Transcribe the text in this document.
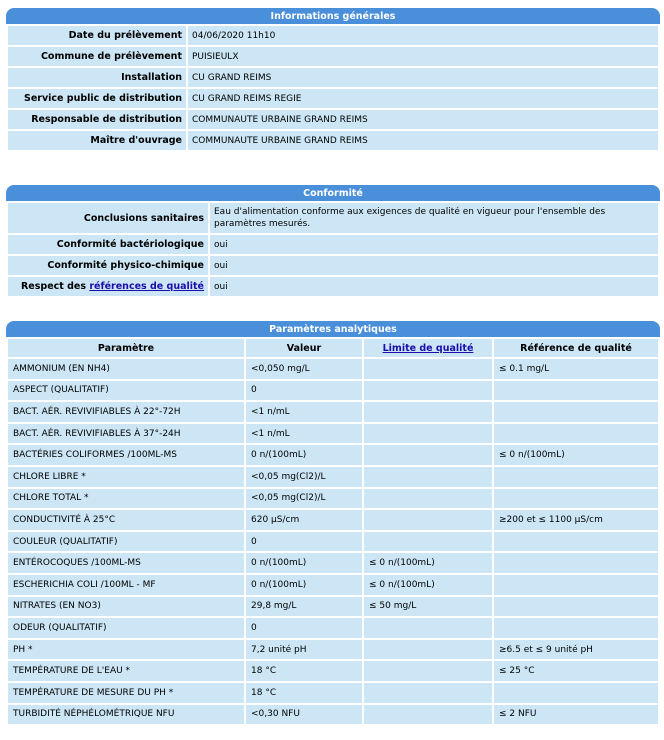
Informations générales
Date du prélèvement	04/06/2020 11h10
Commune de prélèvement	PUISIEULX
Installation	CU GRAND REIMS
Service public de distribution	CU GRAND REIMS REGIE
Responsable de distribution	COMMUNAUTE URBAINE GRAND REIMS
Maître d'ouvrage	COMMUNAUTE URBAINE GRAND REIMS
Conformité
Conclusions sanitaires	Eau d'alimentation conforme aux exigences de qualité en vigueur pour l'ensemble des paramètres mesurés.
Conformité bactériologique	oui
Conformité physico-chimique	oui
Respect des références de qualité	oui
Paramètres analytiques
Paramètre	Valeur	Limite de qualité	Référence de qualité
AMMONIUM (EN NH4)	<0,050 mg/L		≤ 0.1 mg/L
ASPECT (QUALITATIF)	0		
BACT. AÉR. REVIVIFIABLES À 22°-72H	<1 n/mL		
BACT. AÉR. REVIVIFIABLES À 37°-24H	<1 n/mL		
BACTÉRIES COLIFORMES /100ML-MS	0 n/(100mL)		≤ 0 n/(100mL)
CHLORE LIBRE *	<0,05 mg(Cl2)/L		
CHLORE TOTAL *	<0,05 mg(Cl2)/L		
CONDUCTIVITÉ À 25°C	620 µS/cm		≥200 et ≤ 1100 µS/cm
COULEUR (QUALITATIF)	0		
ENTÉROCOQUES /100ML-MS	0 n/(100mL)	≤ 0 n/(100mL)	
ESCHERICHIA COLI /100ML - MF	0 n/(100mL)	≤ 0 n/(100mL)	
NITRATES (EN NO3)	29,8 mg/L	≤ 50 mg/L	
ODEUR (QUALITATIF)	0		
PH *	7,2 unité pH		≥6.5 et ≤ 9 unité pH
TEMPÉRATURE DE L'EAU *	18 °C		≤ 25 °C
TEMPÉRATURE DE MESURE DU PH *	18 °C		
TURBIDITÉ NÉPHÉLOMÉTRIQUE NFU	<0,30 NFU		≤ 2 NFU
